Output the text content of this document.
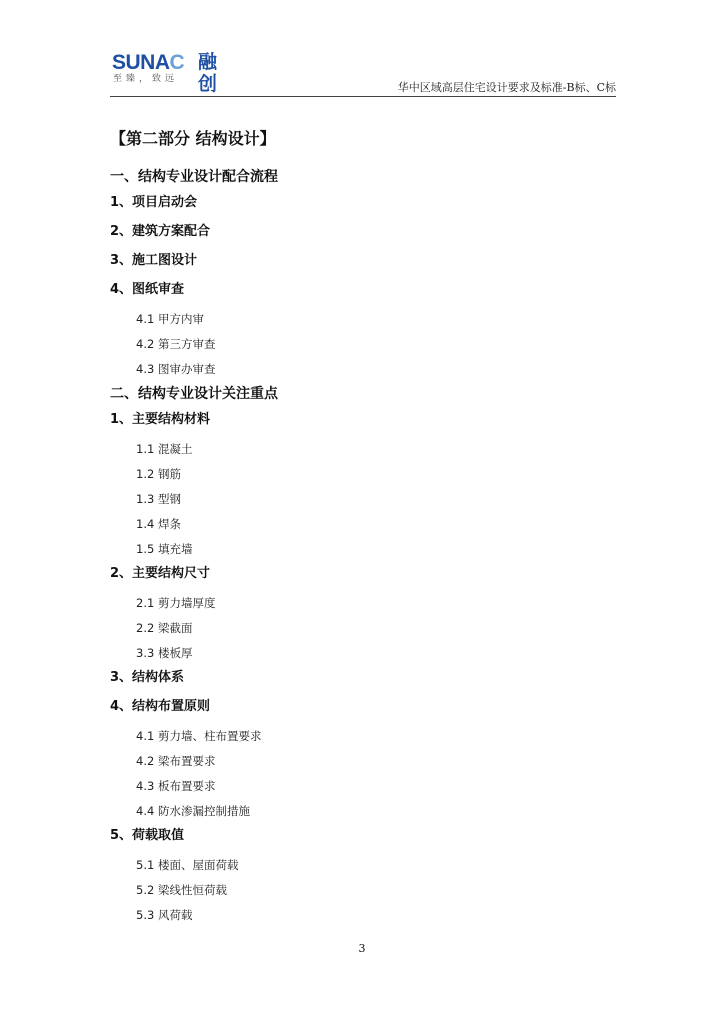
SUNAC 融创
至臻，致远
华中区域高层住宅设计要求及标准-B标、C标
【第二部分 结构设计】
一、结构专业设计配合流程
1、项目启动会
2、建筑方案配合
3、施工图设计
4、图纸审查
4.1 甲方内审
4.2 第三方审查
4.3 图审办审查
二、结构专业设计关注重点
1、主要结构材料
1.1 混凝土
1.2 钢筋
1.3 型钢
1.4 焊条
1.5 填充墙
2、主要结构尺寸
2.1 剪力墙厚度
2.2 梁截面
3.3 楼板厚
3、结构体系
4、结构布置原则
4.1 剪力墙、柱布置要求
4.2 梁布置要求
4.3 板布置要求
4.4 防水渗漏控制措施
5、荷载取值
5.1 楼面、屋面荷载
5.2 梁线性恒荷载
5.3 风荷载
3
